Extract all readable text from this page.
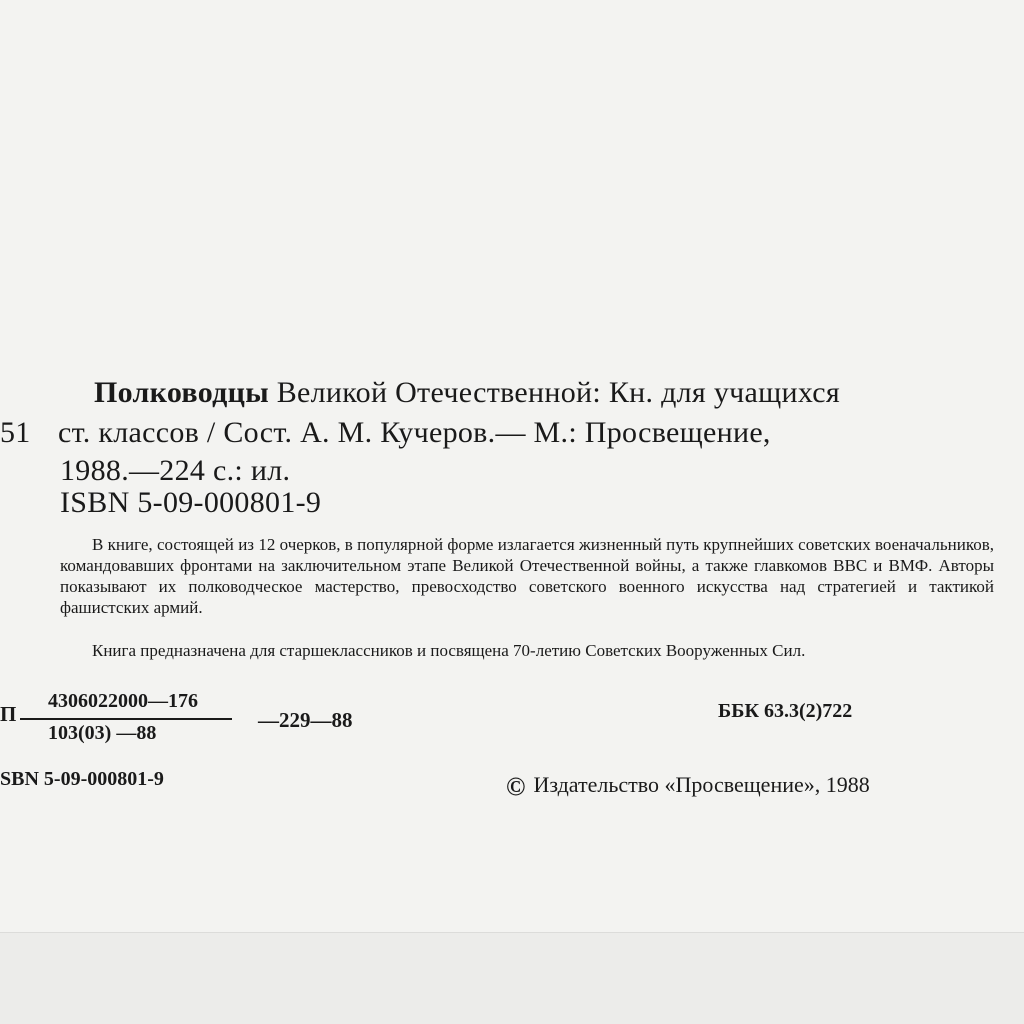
Полководцы Великой Отечественной: Кн. для учащихся

51 ст. классов / Сост. А. М. Кучеров.— М.: Просвещение,

1988.—224 с.: ил.

ISBN 5-09-000801-9

В книге, состоящей из 12 очерков, в популярной форме излагается жизненный путь крупнейших советских военачальников, командовавших фронтами на заключительном этапе Великой Отечественной войны, а также главкомов ВВС и ВМФ. Авторы показывают их полководческое мастерство, превосходство советского военного искусства над стратегией и тактикой фашистских армий.

Книга предназначена для старшеклассников и посвящена 70-летию Советских Вооруженных Сил.

П
4306022000—176
103(03) —88
—229—88	ББК 63.3(2)722
SBN 5-09-000801-9	© Издательство «Просвещение», 1988
